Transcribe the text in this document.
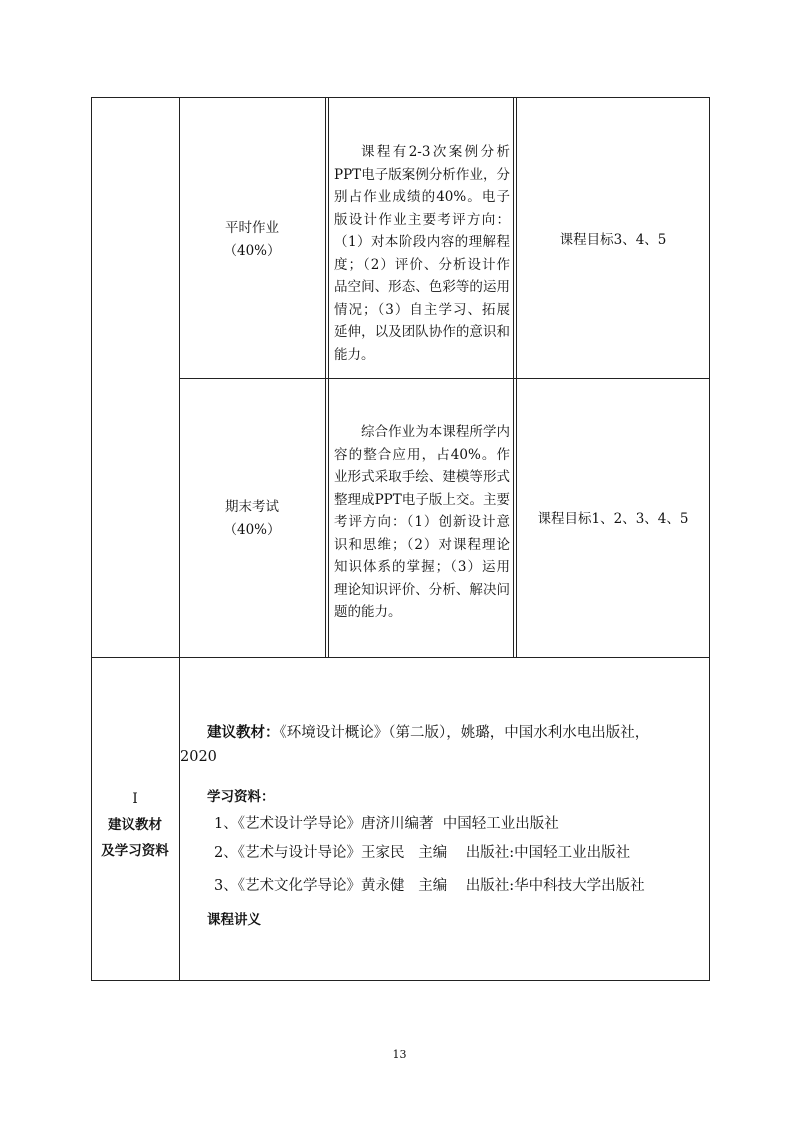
平时作业
（40%）
课程有2-3次案例分析PPT电子版案例分析作业，分别占作业成绩的40%。电子版设计作业主要考评方向：（1）对本阶段内容的理解程度；（2）评价、分析设计作品空间、形态、色彩等的运用情况；（3）自主学习、拓展延伸，以及团队协作的意识和能力。
课程目标3、4、5
期末考试
（40%）
综合作业为本课程所学内容的整合应用，占40%。作业形式采取手绘、建模等形式整理成PPT电子版上交。主要考评方向：（1）创新设计意识和思维；（2）对课程理论知识体系的掌握；（3）运用理论知识评价、分析、解决问题的能力。
课程目标1、2、3、4、5
I
建议教材
及学习资料
建议教材：《环境设计概论》（第二版），姚璐，中国水利水电出版社，
2020
学习资料：
1、《艺术设计学导论》唐济川编著  中国轻工业出版社
2、《艺术与设计导论》王家民   主编    出版社:中国轻工业出版社
3、《艺术文化学导论》黄永健   主编    出版社:华中科技大学出版社
课程讲义
13
